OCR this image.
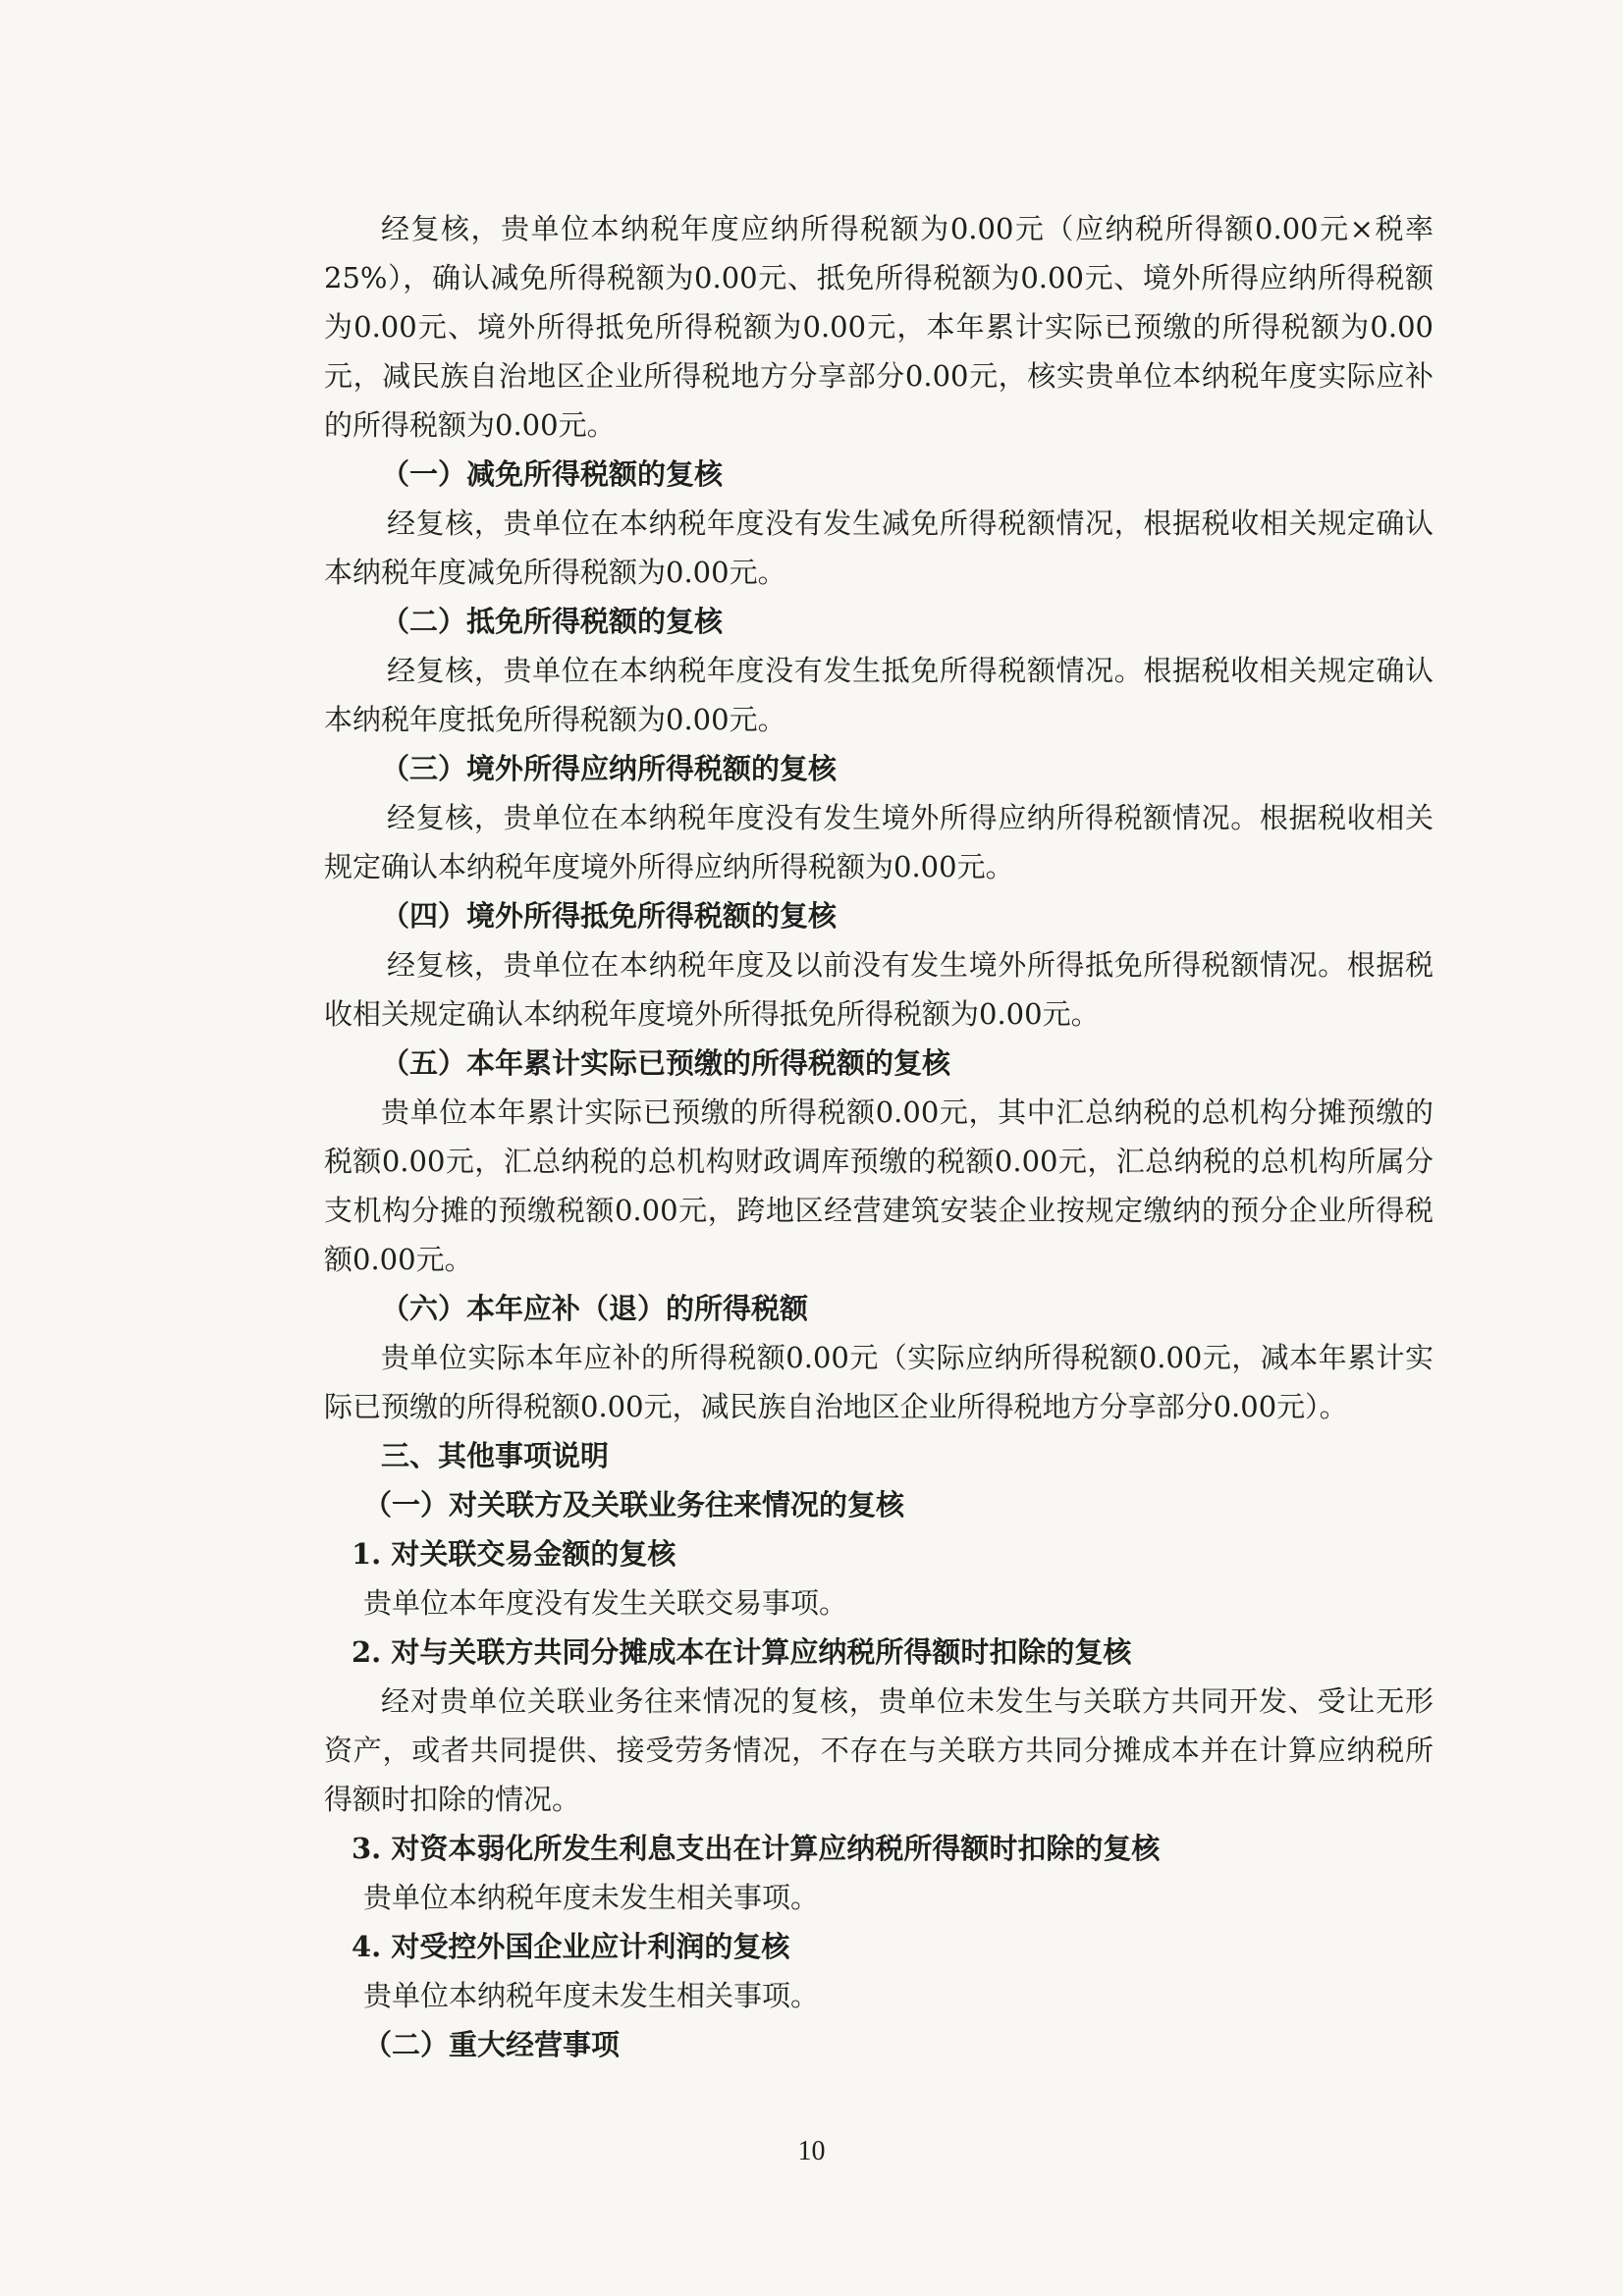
经复核，贵单位本纳税年度应纳所得税额为0.00元（应纳税所得额0.00元×税率25%），确认减免所得税额为0.00元、抵免所得税额为0.00元、境外所得应纳所得税额为0.00元、境外所得抵免所得税额为0.00元，本年累计实际已预缴的所得税额为0.00元，减民族自治地区企业所得税地方分享部分0.00元，核实贵单位本纳税年度实际应补的所得税额为0.00元。

（一）减免所得税额的复核

经复核，贵单位在本纳税年度没有发生减免所得税额情况，根据税收相关规定确认本纳税年度减免所得税额为0.00元。

（二）抵免所得税额的复核

经复核，贵单位在本纳税年度没有发生抵免所得税额情况。根据税收相关规定确认本纳税年度抵免所得税额为0.00元。

（三）境外所得应纳所得税额的复核

经复核，贵单位在本纳税年度没有发生境外所得应纳所得税额情况。根据税收相关规定确认本纳税年度境外所得应纳所得税额为0.00元。

（四）境外所得抵免所得税额的复核

经复核，贵单位在本纳税年度及以前没有发生境外所得抵免所得税额情况。根据税收相关规定确认本纳税年度境外所得抵免所得税额为0.00元。

（五）本年累计实际已预缴的所得税额的复核

贵单位本年累计实际已预缴的所得税额0.00元，其中汇总纳税的总机构分摊预缴的税额0.00元，汇总纳税的总机构财政调库预缴的税额0.00元，汇总纳税的总机构所属分支机构分摊的预缴税额0.00元，跨地区经营建筑安装企业按规定缴纳的预分企业所得税额0.00元。

（六）本年应补（退）的所得税额

贵单位实际本年应补的所得税额0.00元（实际应纳所得税额0.00元，减本年累计实际已预缴的所得税额0.00元，减民族自治地区企业所得税地方分享部分0.00元）。

三、其他事项说明

（一）对关联方及关联业务往来情况的复核

1. 对关联交易金额的复核

贵单位本年度没有发生关联交易事项。

2. 对与关联方共同分摊成本在计算应纳税所得额时扣除的复核

经对贵单位关联业务往来情况的复核，贵单位未发生与关联方共同开发、受让无形资产，或者共同提供、接受劳务情况，不存在与关联方共同分摊成本并在计算应纳税所得额时扣除的情况。

3. 对资本弱化所发生利息支出在计算应纳税所得额时扣除的复核

贵单位本纳税年度未发生相关事项。

4. 对受控外国企业应计利润的复核

贵单位本纳税年度未发生相关事项。

（二）重大经营事项

10
